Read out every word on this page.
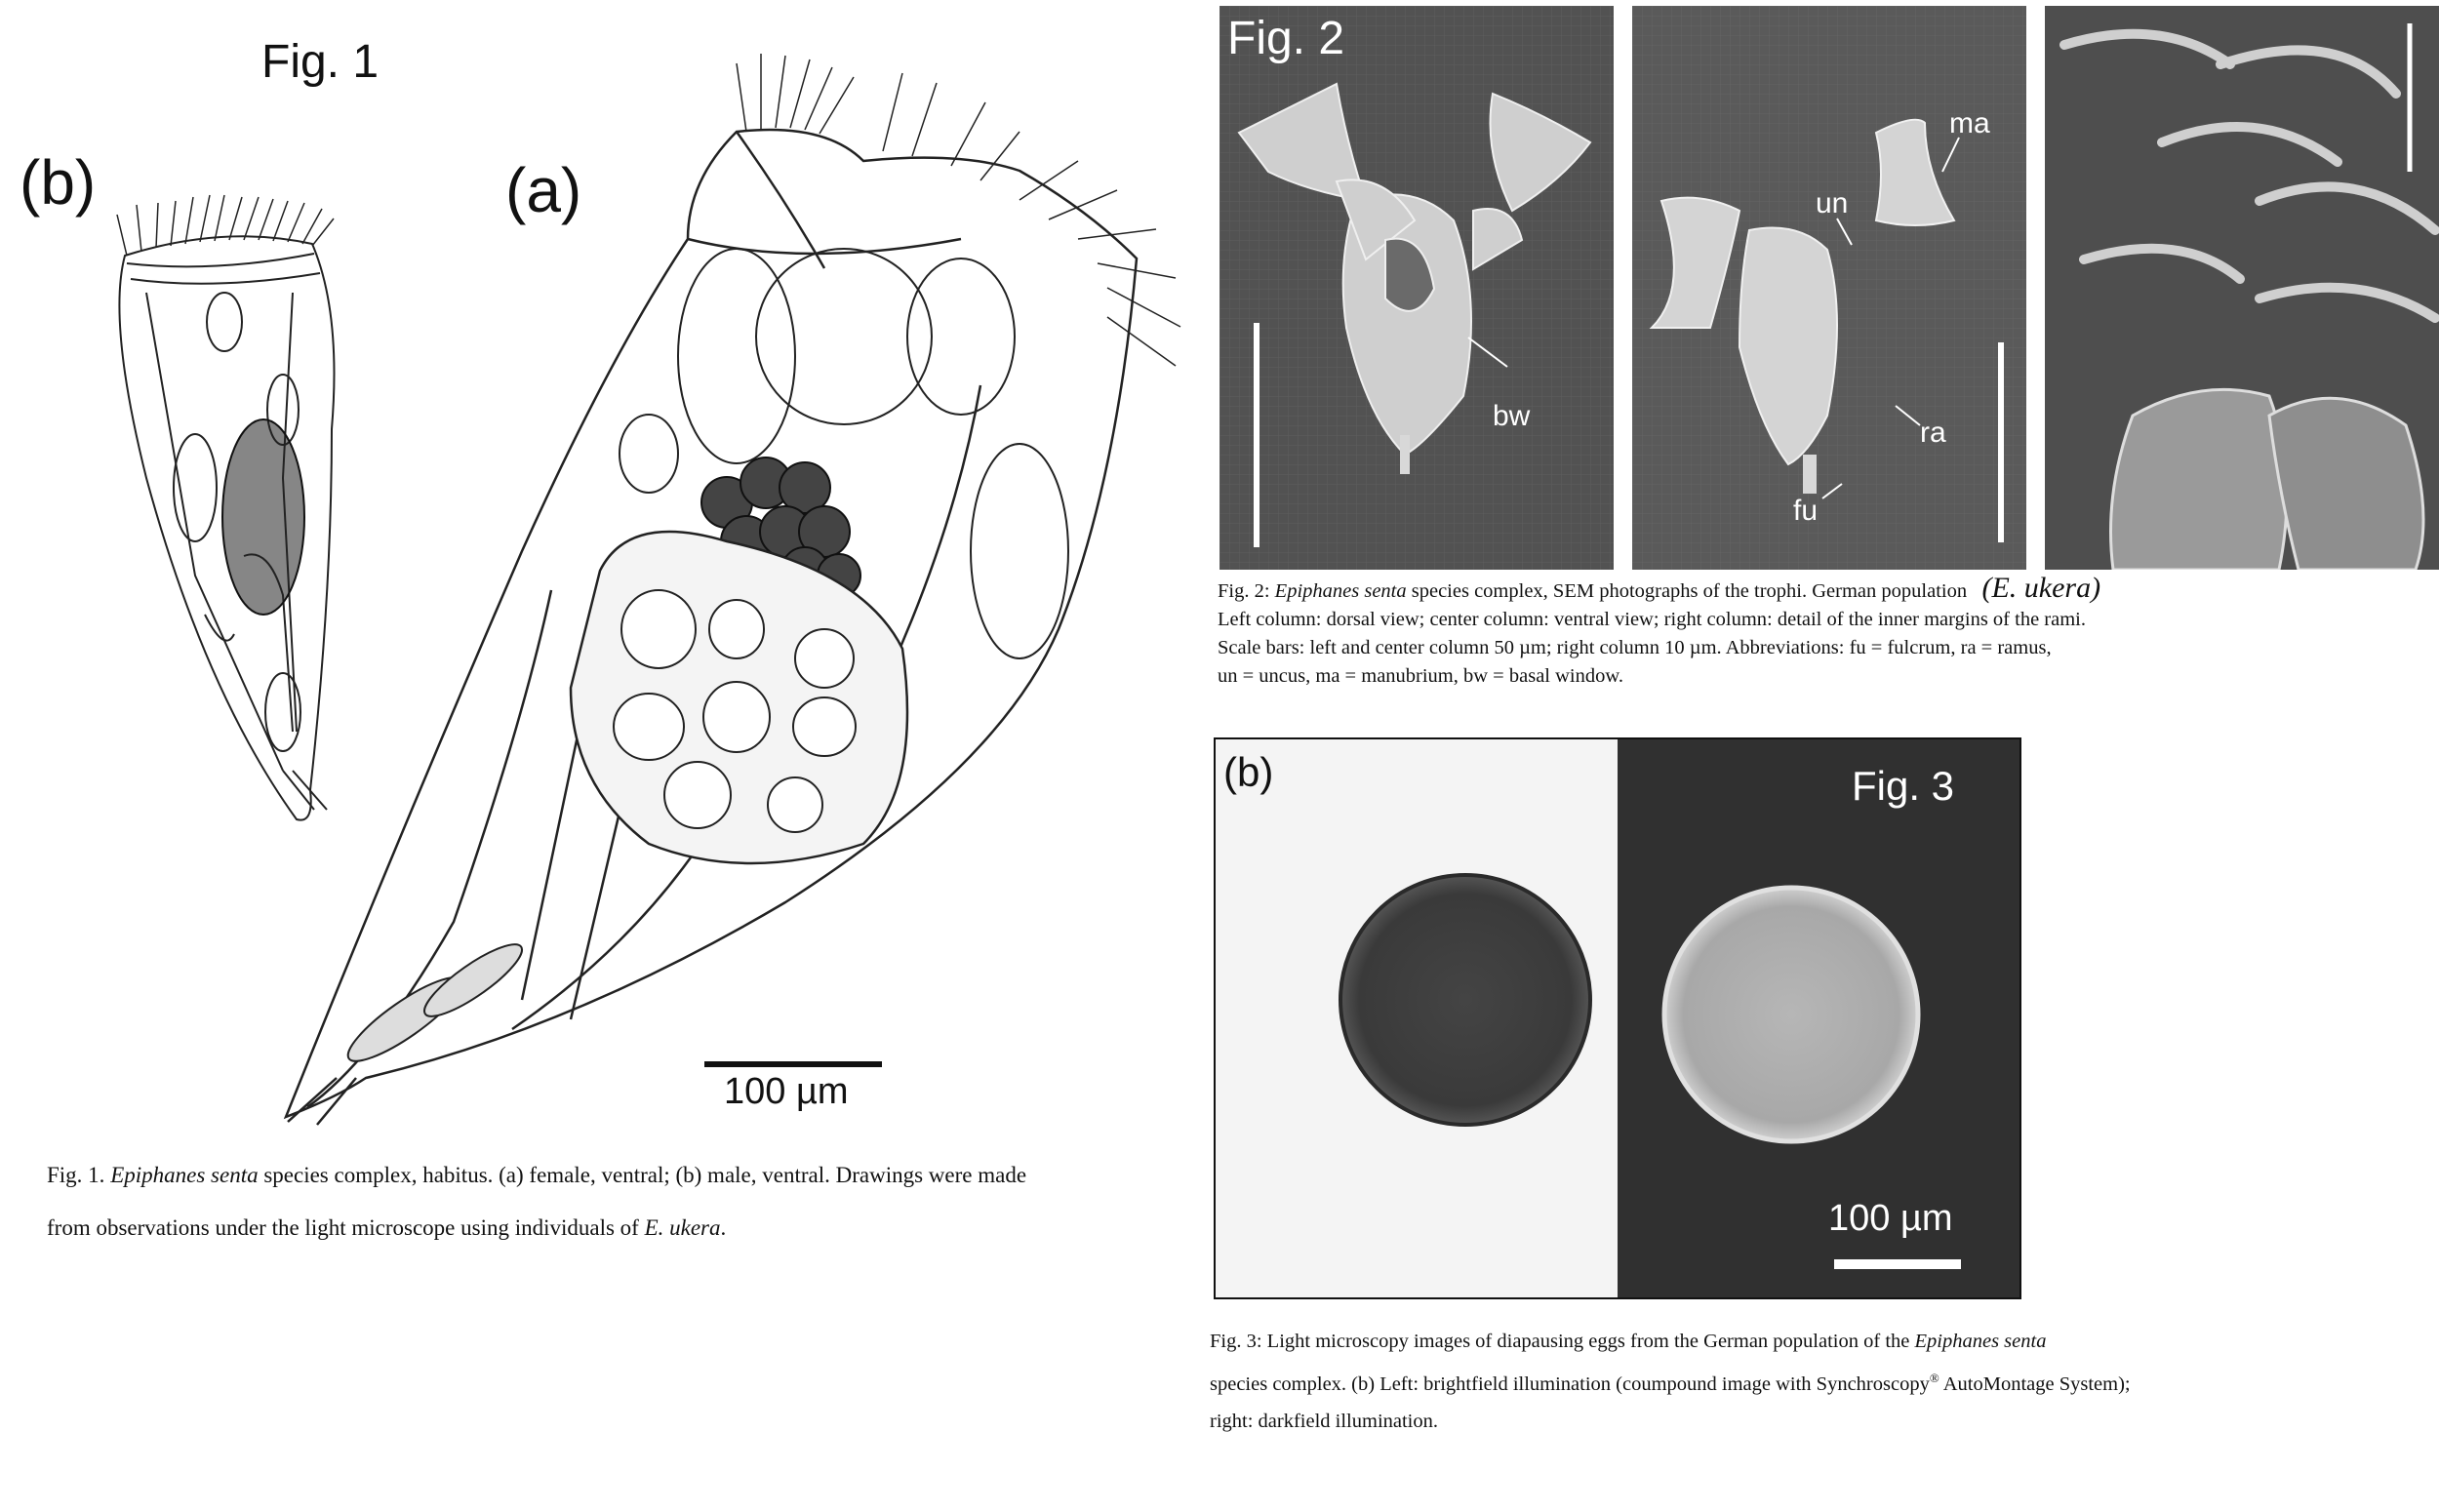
Fig. 1
(b)	(a)
100 µm
Fig. 1. Epiphanes senta species complex, habitus. (a) female, ventral; (b) male, ventral. Drawings were made
from observations under the light microscope using individuals of E. ukera.
bw
Fig. 2
un
ma
ra
fu
Fig. 2: Epiphanes senta species complex, SEM photographs of the trophi. German population (E. ukera)
Left column: dorsal view; center column: ventral view; right column: detail of the inner margins of the rami.
Scale bars: left and center column 50 µm; right column 10 µm. Abbreviations: fu = fulcrum, ra = ramus,
un = uncus, ma = manubrium, bw = basal window.
(b)	Fig. 3
100 µm
Fig. 3: Light microscopy images of diapausing eggs from the German population of the Epiphanes senta
species complex. (b) Left: brightfield illumination (coumpound image with Synchroscopy® AutoMontage System);
right: darkfield illumination.
